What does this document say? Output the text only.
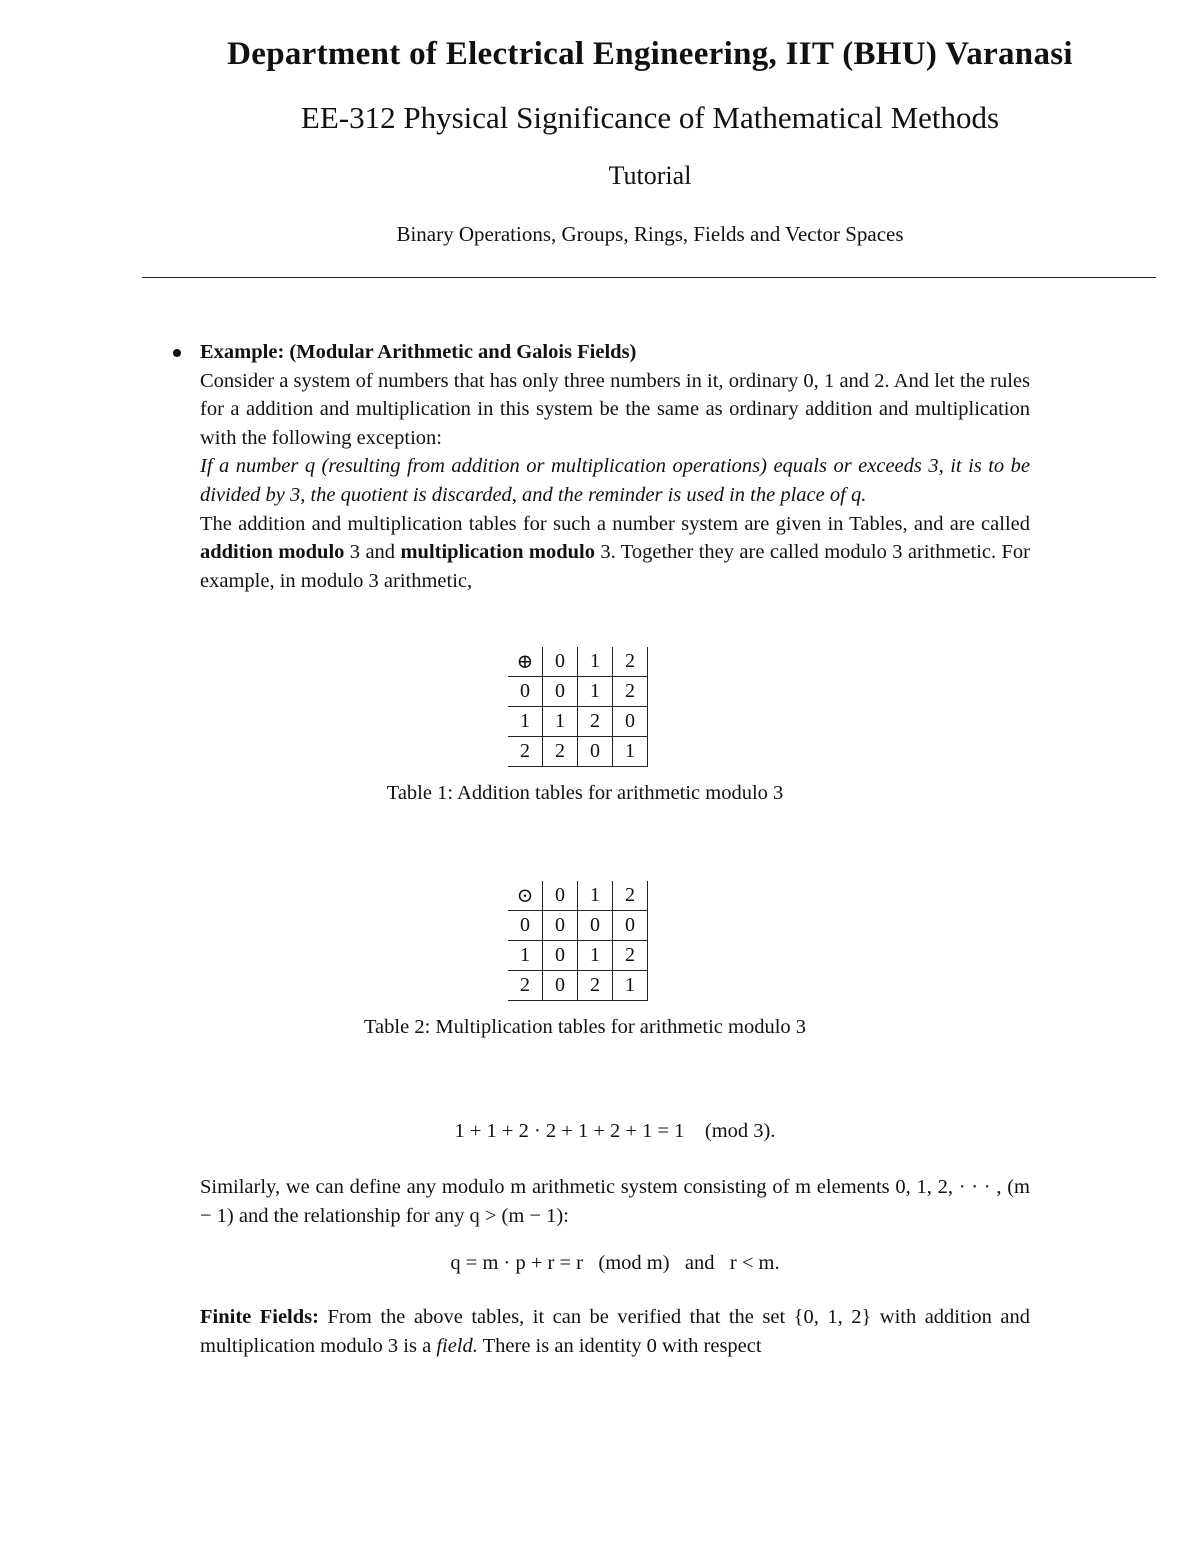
Department of Electrical Engineering, IIT (BHU) Varanasi
EE-312 Physical Significance of Mathematical Methods
Tutorial
Binary Operations, Groups, Rings, Fields and Vector Spaces

Example: (Modular Arithmetic and Galois Fields)

Consider a system of numbers that has only three numbers in it, ordinary 0, 1 and 2. And let the rules for a addition and multiplication in this system be the same as ordinary addition and multiplication with the following exception:

If a number q (resulting from addition or multiplication operations) equals or exceeds 3, it is to be divided by 3, the quotient is discarded, and the reminder is used in the place of q.

The addition and multiplication tables for such a number system are given in Tables, and are called addition modulo 3 and multiplication modulo 3. Together they are called modulo 3 arithmetic. For example, in modulo 3 arithmetic,

⊕	0	1	2
0	0	1	2
1	1	2	0
2	2	0	1
Table 1: Addition tables for arithmetic modulo 3
⊙	0	1	2
0	0	0	0
1	0	1	2
2	0	2	1
Table 2: Multiplication tables for arithmetic modulo 3
1 + 1 + 2 · 2 + 1 + 2 + 1 = 1    (mod 3).

Similarly, we can define any modulo m arithmetic system consisting of m elements 0, 1, 2, · · · , (m − 1) and the relationship for any q > (m − 1):

q = m · p + r = r   (mod m)   and   r < m.

Finite Fields: From the above tables, it can be verified that the set {0, 1, 2} with addition and multiplication modulo 3 is a field. There is an identity 0 with respect
